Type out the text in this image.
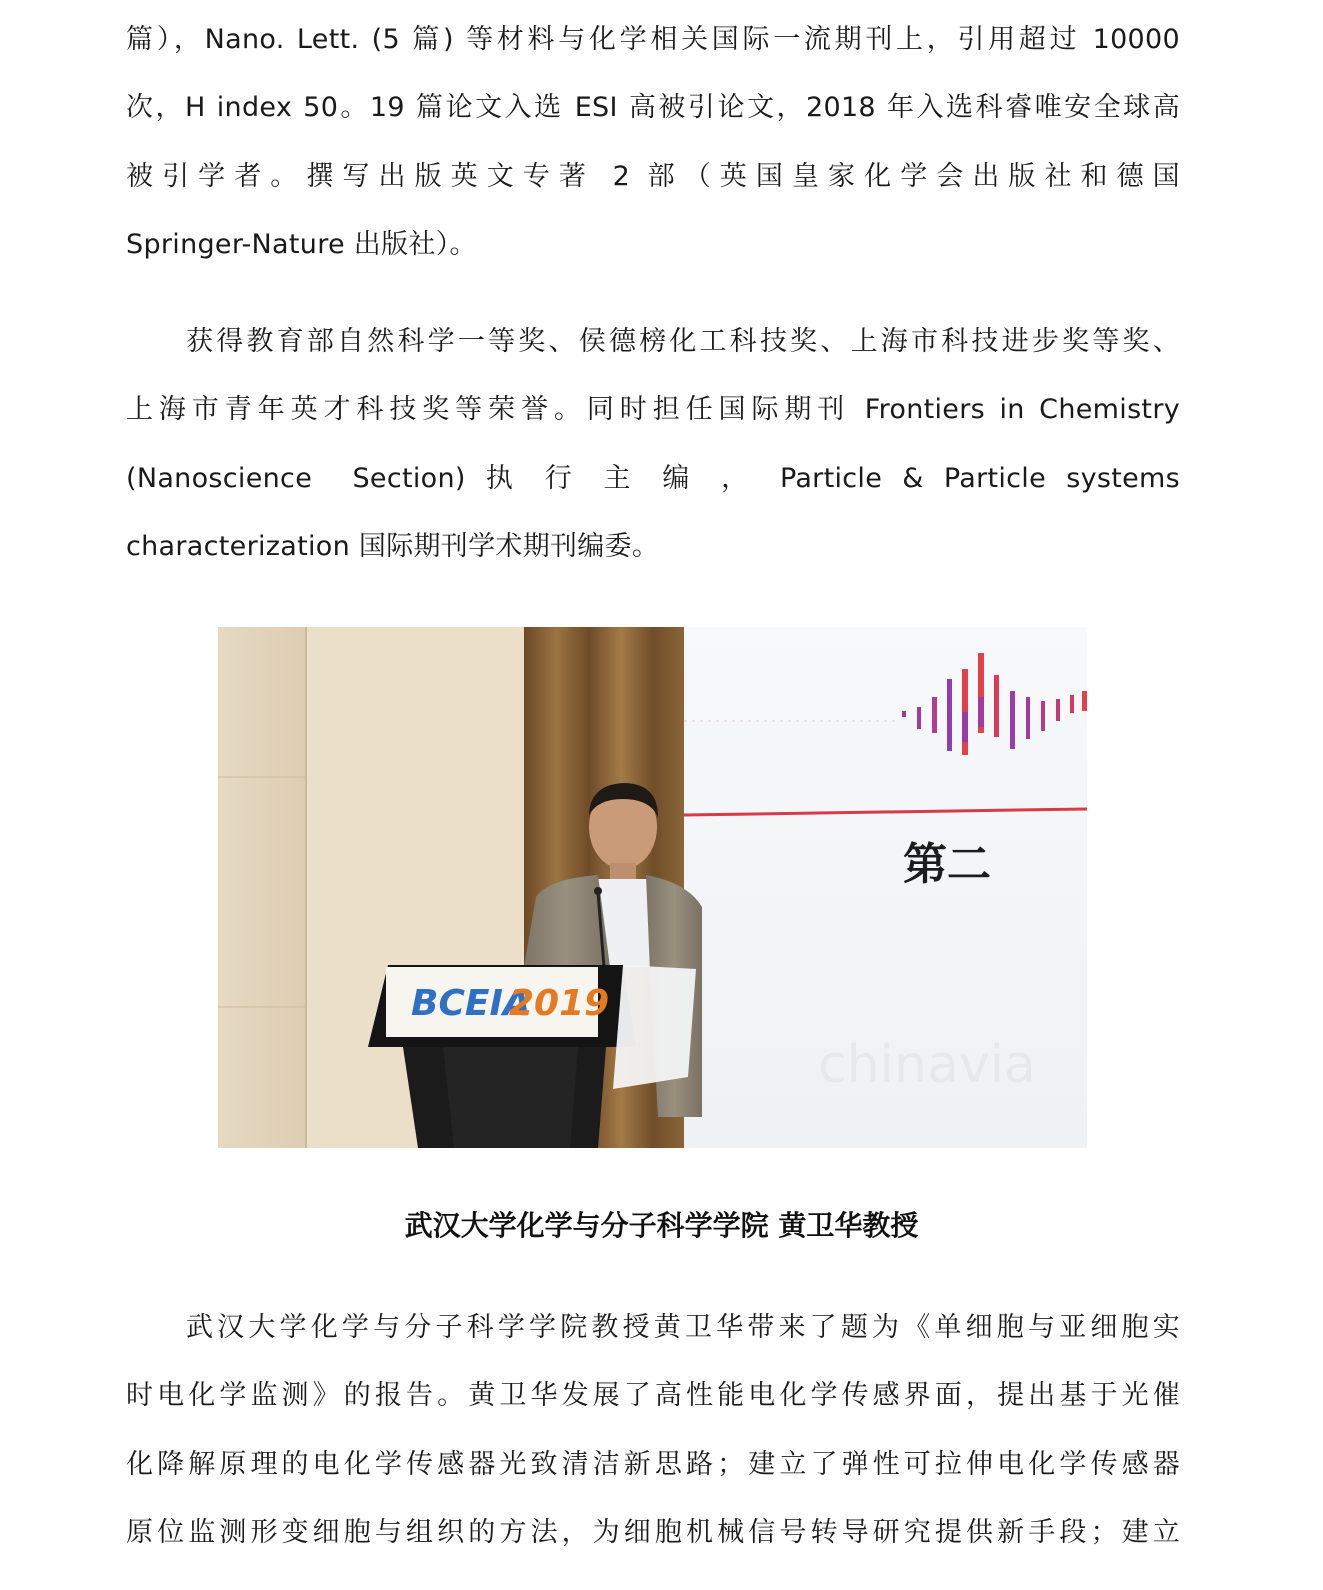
篇），Nano. Lett. (5 篇) 等材料与化学相关国际一流期刊上，引用超过 10000
次，H index 50。19 篇论文入选 ESI 高被引论文，2018 年入选科睿唯安全球高
被引学者。撰写出版英文专著 2 部（英国皇家化学会出版社和德国
Springer-Nature 出版社）。
获得教育部自然科学一等奖、侯德榜化工科技奖、上海市科技进步奖等奖、
上海市青年英才科技奖等荣誉。同时担任国际期刊 Frontiers in Chemistry
(Nanoscience  Section) 执 行 主 编 ， Particle & Particle systems
characterization 国际期刊学术期刊编委。
第二
chinavia
BCEIA
2019
武汉大学化学与分子科学学院 黄卫华教授
武汉大学化学与分子科学学院教授黄卫华带来了题为《单细胞与亚细胞实
时电化学监测》的报告。黄卫华发展了高性能电化学传感界面，提出基于光催
化降解原理的电化学传感器光致清洁新思路；建立了弹性可拉伸电化学传感器
原位监测形变细胞与组织的方法，为细胞机械信号转导研究提供新手段；建立
